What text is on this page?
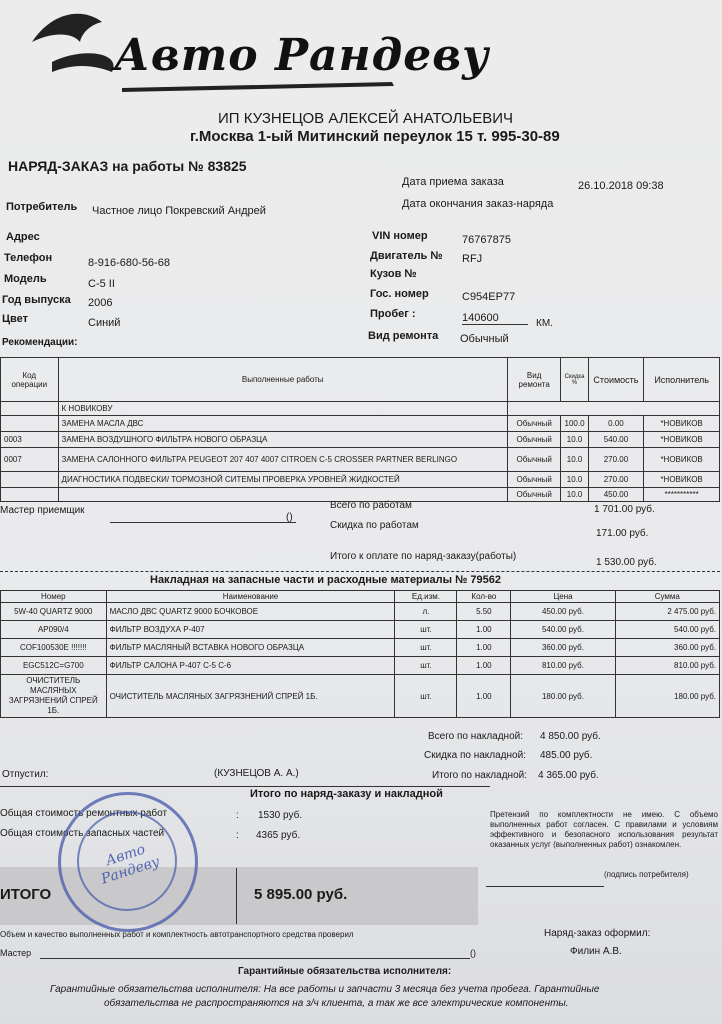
Авто Рандеву
ИП КУЗНЕЦОВ АЛЕКСЕЙ АНАТОЛЬЕВИЧ
г.Москва 1-ый Митинский переулок 15 т. 995-30-89
НАРЯД-ЗАКАЗ на работы № 83825
Дата приема заказа	26.10.2018 09:38
Дата окончания заказ-наряда
Потребитель Частное лицо Покревский Андрей
Адрес
Телефон	8-916-680-56-68
Модель	C-5 II
Год выпуска 2006
Цвет	Синий
Рекомендации:
VIN номер	76767875
Двигатель № RFJ
Кузов №
Гос. номер	C954EP77
Пробег :	140600	КМ.
Вид ремонта Обычный
Код операции	Выполненные работы	Вид ремонта	Скидка %	Стоимость	Исполнитель
	К НОВИКОВУ				
	ЗАМЕНА МАСЛА ДВС	Обычный	100.0	0.00	*НОВИКОВ
0003	ЗАМЕНА ВОЗДУШНОГО ФИЛЬТРА НОВОГО ОБРАЗЦА	Обычный	10.0	540.00	*НОВИКОВ
0007	ЗАМЕНА САЛОННОГО ФИЛЬТРА PEUGEOT 207 407 4007 CITROEN C-5 CROSSER PARTNER BERLINGO	Обычный	10.0	270.00	*НОВИКОВ
	ДИАГНОСТИКА ПОДВЕСКИ/ ТОРМОЗНОЙ СИТЕМЫ ПРОВЕРКА УРОВНЕЙ ЖИДКОСТЕЙ	Обычный	10.0	270.00	*НОВИКОВ
		Обычный	10.0	450.00	***********
Всего по работам	1 701.00 руб.
Мастер приемщик
()
Скидка по работам
171.00 руб.
Итого к оплате по наряд-заказу(работы)
1 530.00 руб.
Накладная на запасные части и расходные материалы № 79562
Номер	Наименование	Ед.изм.	Кол-во	Цена	Сумма
5W-40 QUARTZ 9000	МАСЛО ДВС QUARTZ 9000 БОЧКОВОЕ	л.	5.50	450.00 руб.	2 475.00 руб.
AP090/4	ФИЛЬТР ВОЗДУХА Р-407	шт.	1.00	540.00 руб.	540.00 руб.
COF100530E !!!!!!!	ФИЛЬТР МАСЛЯНЫЙ ВСТАВКА НОВОГО ОБРАЗЦА	шт.	1.00	360.00 руб.	360.00 руб.
EGC512C=G700	ФИЛЬТР САЛОНА Р-407 С-5 С-6	шт.	1.00	810.00 руб.	810.00 руб.
ОЧИСТИТЕЛЬ МАСЛЯНЫХ ЗАГРЯЗНЕНИЙ СПРЕЙ 1Б.	ОЧИСТИТЕЛЬ МАСЛЯНЫХ ЗАГРЯЗНЕНИЙ СПРЕЙ 1Б.	шт.	1.00	180.00 руб.	180.00 руб.
Всего по накладной: 4 850.00 руб.
Скидка по накладной: 485.00 руб.
Отпустил:	(КУЗНЕЦОВ А. А.)	Итого по накладной: 4 365.00 руб.
Итого по наряд-заказу и накладной
Общая стоимость ремонтных работ	: 1530 руб.
Общая стоимость запасных частей	: 4365 руб.
Претензий по комплектности не имею. С объемо выполненных работ согласен. С правилами и условиям эффективного и безопасного использования результат оказанных услуг (выполненных работ) ознакомлен.
ИТОГО	5 895.00 руб.
(подпись потребителя)
Объем и качество выполненных работ и комплектность автотранспортного средства проверил	Наряд-заказ оформил:
Мастер	()	Филин А.В.
Гарантийные обязательства исполнителя:
Гарантийные обязательства исполнителя: На все работы и запчасти 3 месяца без учета пробега. Гарантийные
обязательства не распространяются на з/ч клиента, а так же все электрические компоненты.
Авто Рандеву
